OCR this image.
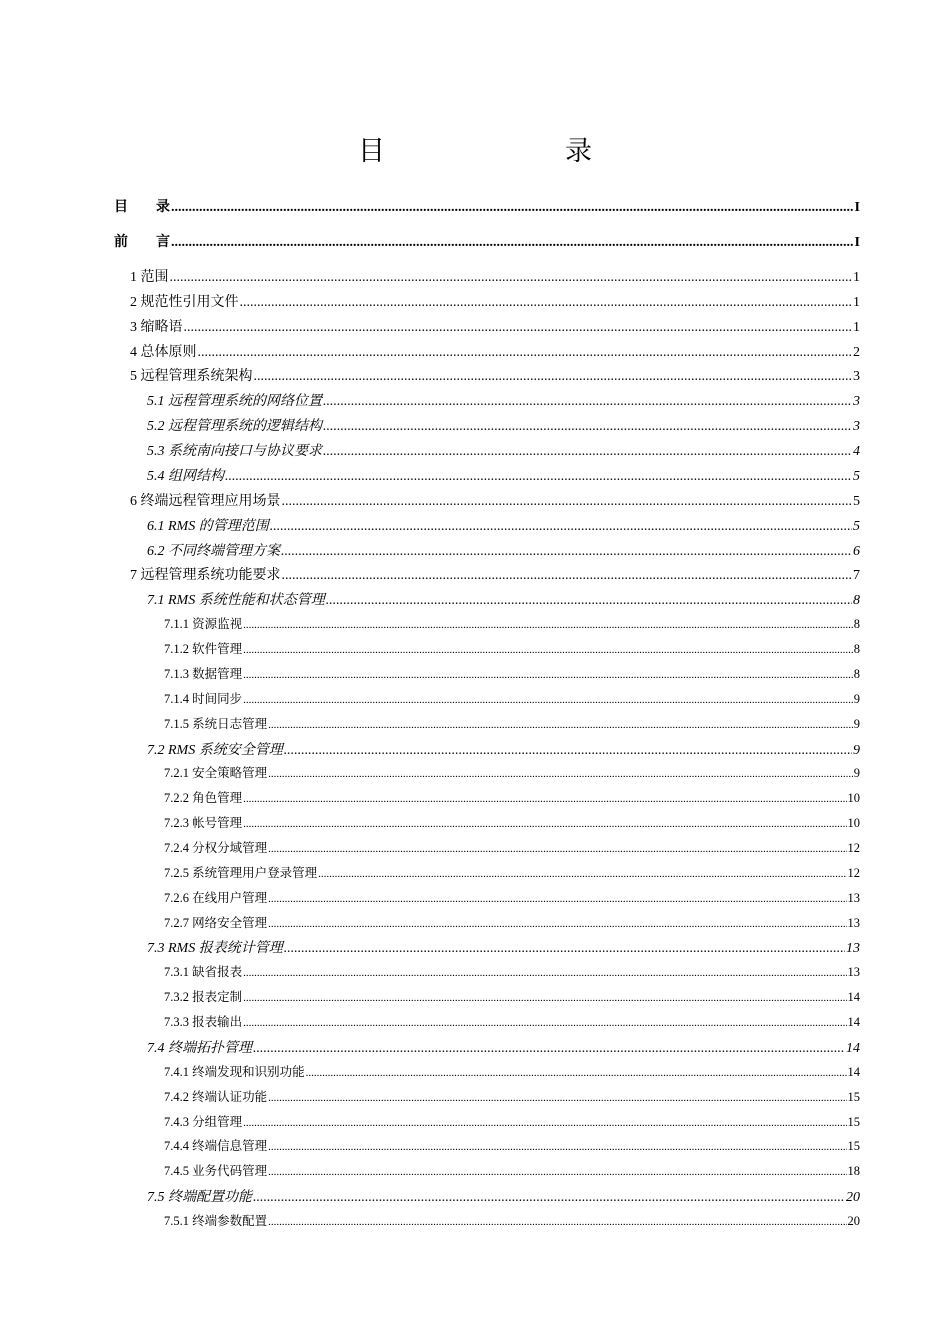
目　　录
目　　录 .....	I
前　　言 .....	I
1 范围 .....	1
2 规范性引用文件 .....	1
3 缩略语 .....	1
4 总体原则 .....	2
5 远程管理系统架构 .....	3
5.1 远程管理系统的网络位置 .....	3
5.2 远程管理系统的逻辑结构 .....	3
5.3 系统南向接口与协议要求 .....	4
5.4 组网结构 .....	5
6 终端远程管理应用场景 .....	5
6.1 RMS 的管理范围 .....	5
6.2 不同终端管理方案 .....	6
7 远程管理系统功能要求 .....	7
7.1 RMS 系统性能和状态管理 .....	8
7.1.1 资源监视 .....	8
7.1.2 软件管理 .....	8
7.1.3 数据管理 .....	8
7.1.4 时间同步 .....	9
7.1.5 系统日志管理 .....	9
7.2 RMS 系统安全管理 .....	9
7.2.1 安全策略管理 .....	9
7.2.2 角色管理 .....	10
7.2.3 帐号管理 .....	10
7.2.4 分权分域管理 .....	12
7.2.5 系统管理用户登录管理 .....	12
7.2.6 在线用户管理 .....	13
7.2.7 网络安全管理 .....	13
7.3 RMS 报表统计管理 .....	13
7.3.1 缺省报表 .....	13
7.3.2 报表定制 .....	14
7.3.3 报表输出 .....	14
7.4 终端拓扑管理 .....	14
7.4.1 终端发现和识别功能 .....	14
7.4.2 终端认证功能 .....	15
7.4.3 分组管理 .....	15
7.4.4 终端信息管理 .....	15
7.4.5 业务代码管理 .....	18
7.5 终端配置功能 .....	20
7.5.1 终端参数配置 .....	20
